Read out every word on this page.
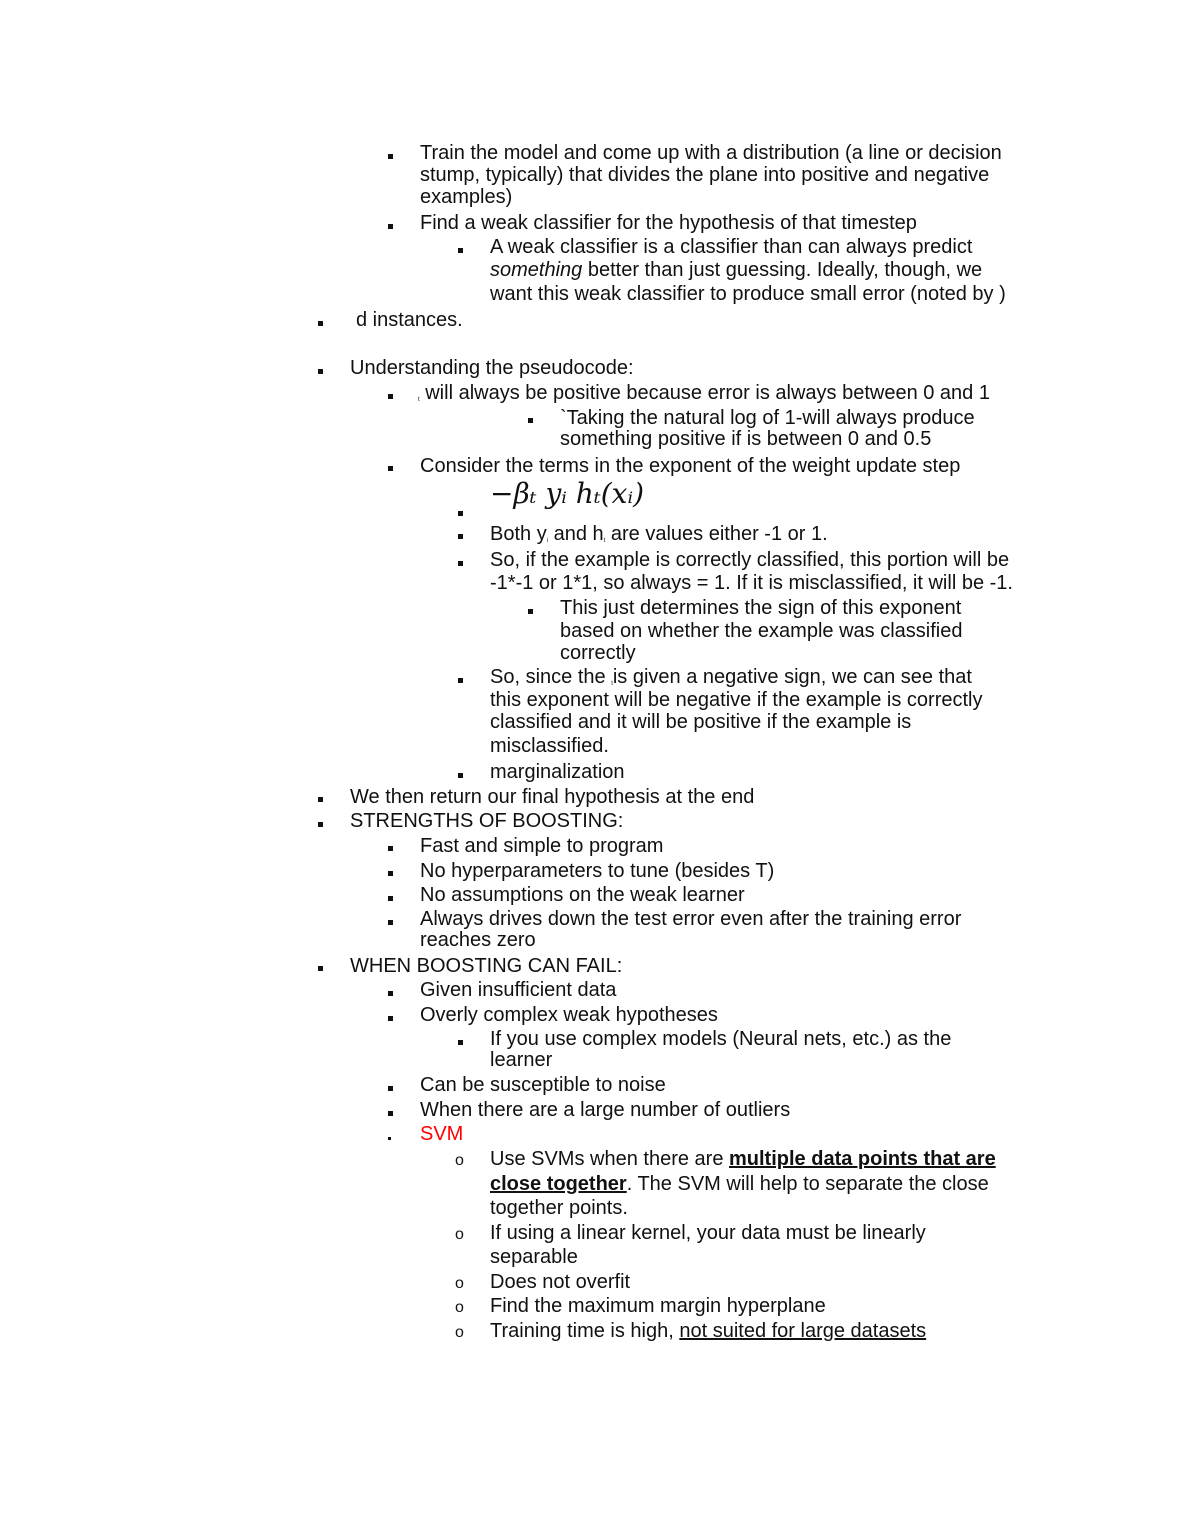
Train the model and come up with a distribution (a line or decision
stump, typically) that divides the plane into positive and negative
examples)
Find a weak classifier for the hypothesis of that timestep
A weak classifier is a classifier than can always predict
something better than just guessing. Ideally, though, we
want this weak classifier to produce small error (noted by )
d instances.
Understanding the pseudocode:
$_t$ will always be positive because error is always between 0 and 1
`Taking the natural log of 1-will always produce
something positive if is between 0 and 0.5
Consider the terms in the exponent of the weight update step
−βₜ yᵢ hₜ(xᵢ)
Both $y_i$ and $h_t$ are values either -1 or 1.
So, if the example is correctly classified, this portion will be
-1*-1 or 1*1, so always = 1. If it is misclassified, it will be -1.
This just determines the sign of this exponent
based on whether the example was classified
correctly
So, since the $_t$is given a negative sign, we can see that
this exponent will be negative if the example is correctly
classified and it will be positive if the example is
misclassified.
marginalization
We then return our final hypothesis at the end
STRENGTHS OF BOOSTING:
Fast and simple to program
No hyperparameters to tune (besides T)
No assumptions on the weak learner
Always drives down the test error even after the training error
reaches zero
WHEN BOOSTING CAN FAIL:
Given insufficient data
Overly complex weak hypotheses
If you use complex models (Neural nets, etc.) as the
learner
Can be susceptible to noise
When there are a large number of outliers
SVM
o Use SVMs when there are multiple data points that are
close together. The SVM will help to separate the close
together points.
o If using a linear kernel, your data must be linearly
separable
o Does not overfit
o Find the maximum margin hyperplane
o Training time is high, not suited for large datasets
